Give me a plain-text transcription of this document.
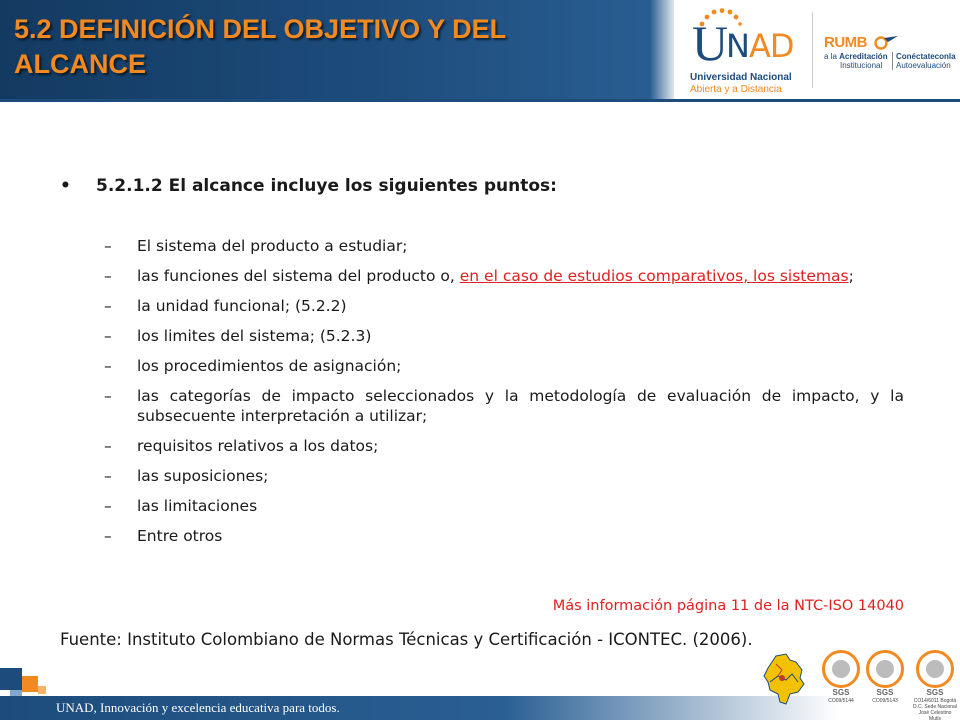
5.2 DEFINICIÓN DEL OBJETIVO Y DEL
ALCANCE	U
NAD
Universidad Nacional
Abierta y a Distancia
RUMB
a la Acreditación
Institucional
Conéctateconla
Autoevaluación
• 5.2.1.2 El alcance incluye los siguientes puntos:
– El sistema del producto a estudiar;
– las funciones del sistema del producto o, en el caso de estudios comparativos, los sistemas;
– la unidad funcional; (5.2.2)
– los limites del sistema; (5.2.3)
– los procedimientos de asignación;
– las categorías de impacto seleccionados y la metodología de evaluación de impacto, y la subsecuente interpretación a utilizar;
– requisitos relativos a los datos;
– las suposiciones;
– las limitaciones
– Entre otros
Más información página 11 de la NTC-ISO 14040
Fuente: Instituto Colombiano de Normas Técnicas y Certificación - ICONTEC. (2006).
UNAD, Innovación y excelencia educativa para todos.
SGS
CO09/5144
SGS
CO09/5143
SGS
CO14/6011 Bogotá D.C. Sede Nacional José Celestino Mutis
